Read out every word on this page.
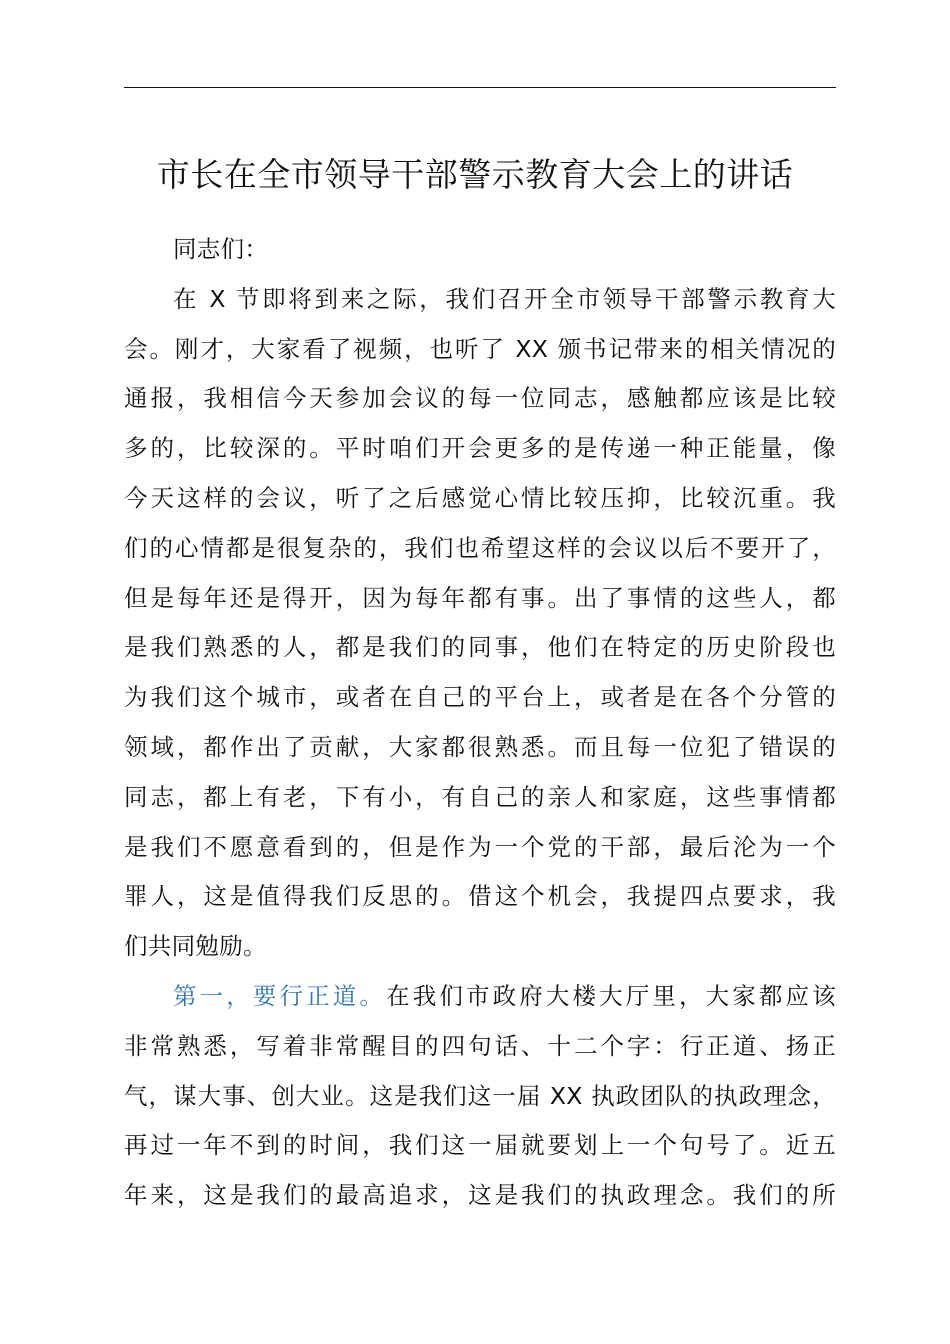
市长在全市领导干部警示教育大会上的讲话
同志们：
在 X 节即将到来之际，我们召开全市领导干部警示教育大
会。刚才，大家看了视频，也听了 XX 颁书记带来的相关情况的
通报，我相信今天参加会议的每一位同志，感触都应该是比较
多的，比较深的。平时咱们开会更多的是传递一种正能量，像
今天这样的会议，听了之后感觉心情比较压抑，比较沉重。我
们的心情都是很复杂的，我们也希望这样的会议以后不要开了，
但是每年还是得开，因为每年都有事。出了事情的这些人，都
是我们熟悉的人，都是我们的同事，他们在特定的历史阶段也
为我们这个城市，或者在自己的平台上，或者是在各个分管的
领域，都作出了贡献，大家都很熟悉。而且每一位犯了错误的
同志，都上有老，下有小，有自己的亲人和家庭，这些事情都
是我们不愿意看到的，但是作为一个党的干部，最后沦为一个
罪人，这是值得我们反思的。借这个机会，我提四点要求，我
们共同勉励。
第一，要行正道。在我们市政府大楼大厅里，大家都应该
非常熟悉，写着非常醒目的四句话、十二个字：行正道、扬正
气，谋大事、创大业。这是我们这一届 XX 执政团队的执政理念，
再过一年不到的时间，我们这一届就要划上一个句号了。近五
年来，这是我们的最高追求，这是我们的执政理念。我们的所
